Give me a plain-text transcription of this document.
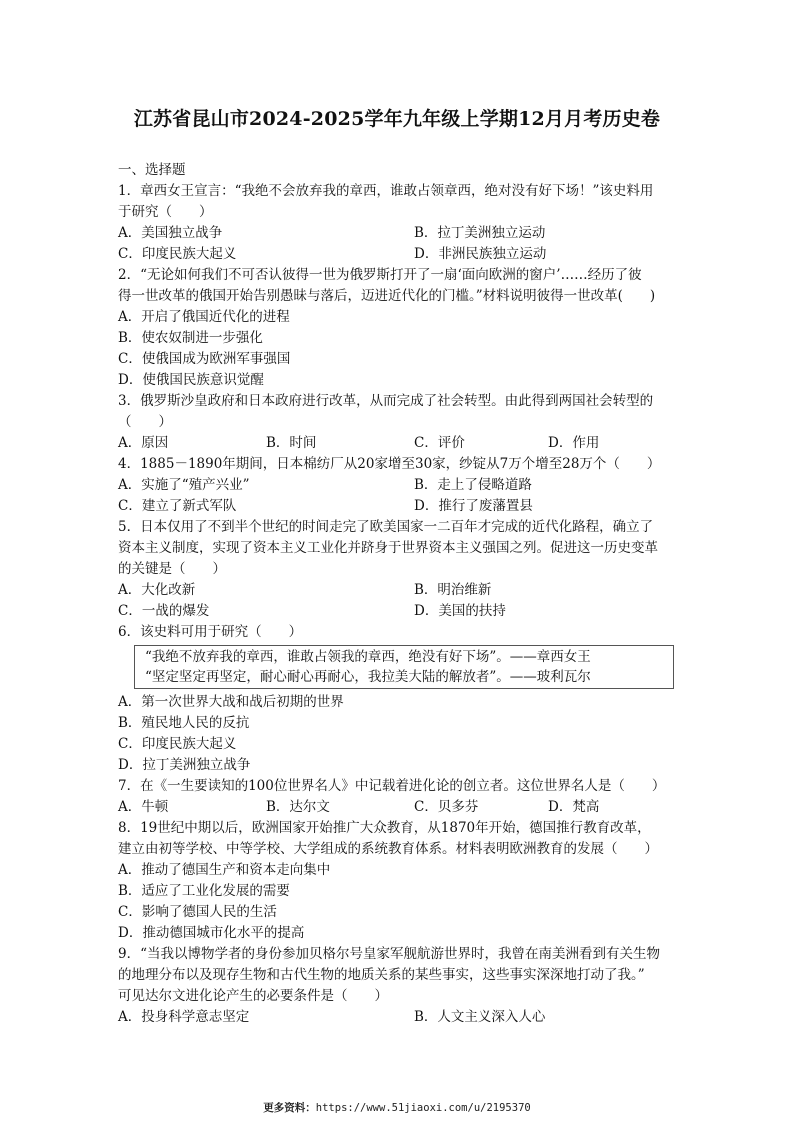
江苏省昆山市2024-2025学年九年级上学期12月月考历史卷
一、选择题
1．章西女王宣言：“我绝不会放弃我的章西，谁敢占领章西，绝对没有好下场！”该史料用
于研究（　　）
A．美国独立战争	B．拉丁美洲独立运动
C．印度民族大起义	D．非洲民族独立运动
2．“无论如何我们不可否认彼得一世为俄罗斯打开了一扇‘面向欧洲的窗户’……经历了彼
得一世改革的俄国开始告别愚昧与落后，迈进近代化的门槛。”材料说明彼得一世改革(　　)
A．开启了俄国近代化的进程
B．使农奴制进一步强化
C．使俄国成为欧洲军事强国
D．使俄国民族意识觉醒
3．俄罗斯沙皇政府和日本政府进行改革，从而完成了社会转型。由此得到两国社会转型的
（　　）
A．原因	B．时间	C．评价	D．作用
4．1885－1890年期间，日本棉纺厂从20家增至30家，纱锭从7万个增至28万个（　　）
A．实施了“殖产兴业”	B．走上了侵略道路
C．建立了新式军队	D．推行了废藩置县
5．日本仅用了不到半个世纪的时间走完了欧美国家一二百年才完成的近代化路程，确立了
资本主义制度，实现了资本主义工业化并跻身于世界资本主义强国之列。促进这一历史变革
的关键是（　　）
A．大化改新	B．明治维新
C．一战的爆发	D．美国的扶持
6．该史料可用于研究（　　）
“我绝不放弃我的章西，谁敢占领我的章西，绝没有好下场”。——章西女王
“坚定坚定再坚定，耐心耐心再耐心，我拉美大陆的解放者”。——玻利瓦尔
A．第一次世界大战和战后初期的世界
B．殖民地人民的反抗
C．印度民族大起义
D．拉丁美洲独立战争
7．在《一生要读知的100位世界名人》中记载着进化论的创立者。这位世界名人是（　　）
A．牛顿	B．达尔文	C．贝多芬	D．梵高
8．19世纪中期以后，欧洲国家开始推广大众教育，从1870年开始，德国推行教育改革，
建立由初等学校、中等学校、大学组成的系统教育体系。材料表明欧洲教育的发展（　　）
A．推动了德国生产和资本走向集中
B．适应了工业化发展的需要
C．影响了德国人民的生活
D．推动德国城市化水平的提高
9．“当我以博物学者的身份参加贝格尔号皇家军舰航游世界时，我曾在南美洲看到有关生物
的地理分布以及现存生物和古代生物的地质关系的某些事实，这些事实深深地打动了我。”
可见达尔文进化论产生的必要条件是（　　）
A．投身科学意志坚定	B．人文主义深入人心
更多资料：https://www.51jiaoxi.com/u/2195370
